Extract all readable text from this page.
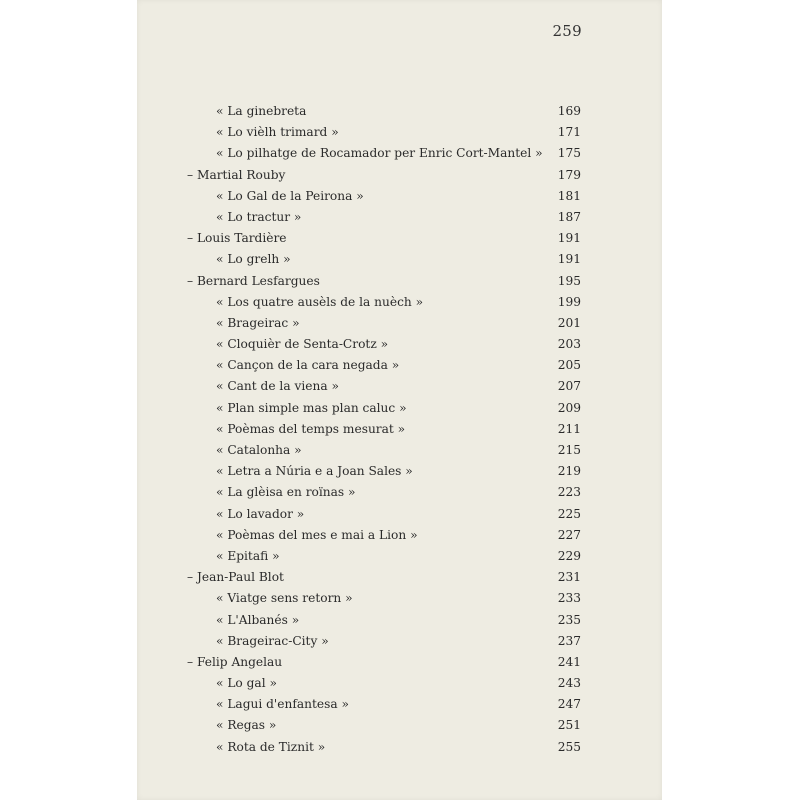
259
« La ginebreta	169
« Lo vièlh trimard »	171
« Lo pilhatge de Rocamador per Enric Cort-Mantel » 175
– Martial Rouby	179
« Lo Gal de la Peirona »	181
« Lo tractur »	187
– Louis Tardière	191
« Lo grelh »	191
– Bernard Lesfargues	195
« Los quatre ausèls de la nuèch »	199
« Brageirac »	201
« Cloquièr de Senta-Crotz »	203
« Cançon de la cara negada »	205
« Cant de la viena »	207
« Plan simple mas plan caluc »	209
« Poèmas del temps mesurat »	211
« Catalonha »	215
« Letra a Núria e a Joan Sales »	219
« La glèisa en roïnas »	223
« Lo lavador »	225
« Poèmas del mes e mai a Lion »	227
« Epitafi »	229
– Jean-Paul Blot	231
« Viatge sens retorn »	233
« L'Albanés »	235
« Brageirac-City »	237
– Felip Angelau	241
« Lo gal »	243
« Lagui d'enfantesa »	247
« Regas »	251
« Rota de Tiznit »	255
